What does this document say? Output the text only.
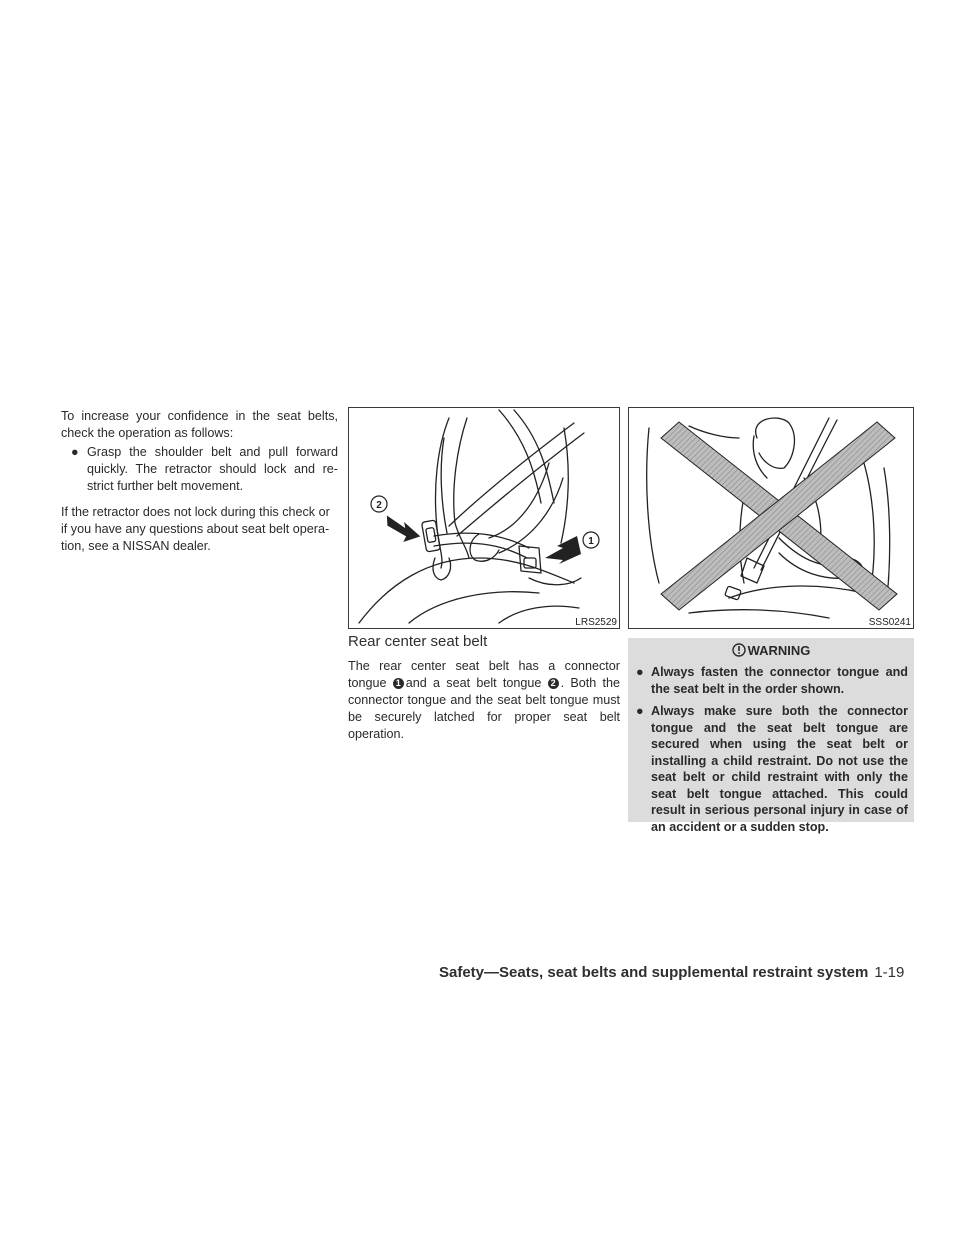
To increase your confidence in the seat belts, check the operation as follows:

● Grasp the shoulder belt and pull forward quickly. The retractor should lock and re-strict further belt movement.

If the retractor does not lock during this check or if you have any questions about seat belt opera-tion, see a NISSAN dealer.

2
1
LRS2529	SSS0241
Rear center seat belt

The rear center seat belt has a connector tongue 1 and a seat belt tongue 2 . Both the connector tongue and the seat belt tongue must be securely latched for proper seat belt operation.

WARNING
● Always fasten the connector tongue and the seat belt in the order shown.
● Always make sure both the connector tongue and the seat belt tongue are secured when using the seat belt or installing a child restraint. Do not use the seat belt or child restraint with only the seat belt tongue attached. This could result in serious personal injury in case of an accident or a sudden stop.
Safety—Seats, seat belts and supplemental restraint system 1-19
